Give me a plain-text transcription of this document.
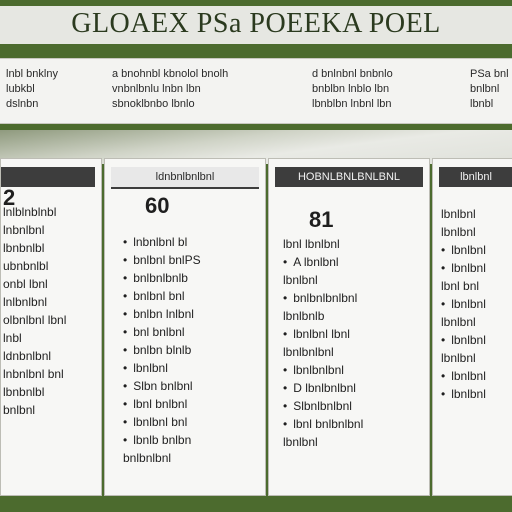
GLOAEX PSa POEEKA POEL
lnbl bnklny
lubkbl
dslnbn
a bnohnbl kbnolol bnolh
vnbnlbnlu lnbn lbn
sbnoklbnbo lbnlo
d bnlnbnl bnbnlo
bnblbn lnblo lbn
lbnblbn lnbnl lbn
PSa bnl
bnlbnl
lbnbl
2
lnlblnblnbl
lnbnlbnl
lbnbnlbl
ubnbnlbl
onbl lbnl
lnlbnlbnl
olbnlbnl lbnl
lnbl
ldnbnlbnl
lnbnlbnl bnl
lbnbnlbl
bnlbnl
ldnbnlbnlbnl
60
• lnbnlbnl bl
• bnlbnl bnlPS
• bnlbnlbnlb
• bnlbnl bnl
• bnlbn lnlbnl
• bnl bnlbnl
• bnlbn blnlb
• lbnlbnl
• Slbn bnlbnl
• lbnl bnlbnl
• lbnlbnl bnl
• lbnlb bnlbn
bnlbnlbnl
HOBNLBNLBNLBNL
81
lbnl lbnlbnl
• A lbnlbnl
lbnlbnl
• bnlbnlbnlbnl
lbnlbnlb
• lbnlbnl lbnl
lbnlbnlbnl
• lbnlbnlbnl
• D lbnlbnlbnl
• Slbnlbnlbnl
• lbnl bnlbnlbnl
lbnlbnl
lbnlbnl
lbnlbnl
lbnlbnl
• lbnlbnl
• lbnlbnl
lbnl bnl
• lbnlbnl
lbnlbnl
• lbnlbnl
lbnlbnl
• lbnlbnl
• lbnlbnl
